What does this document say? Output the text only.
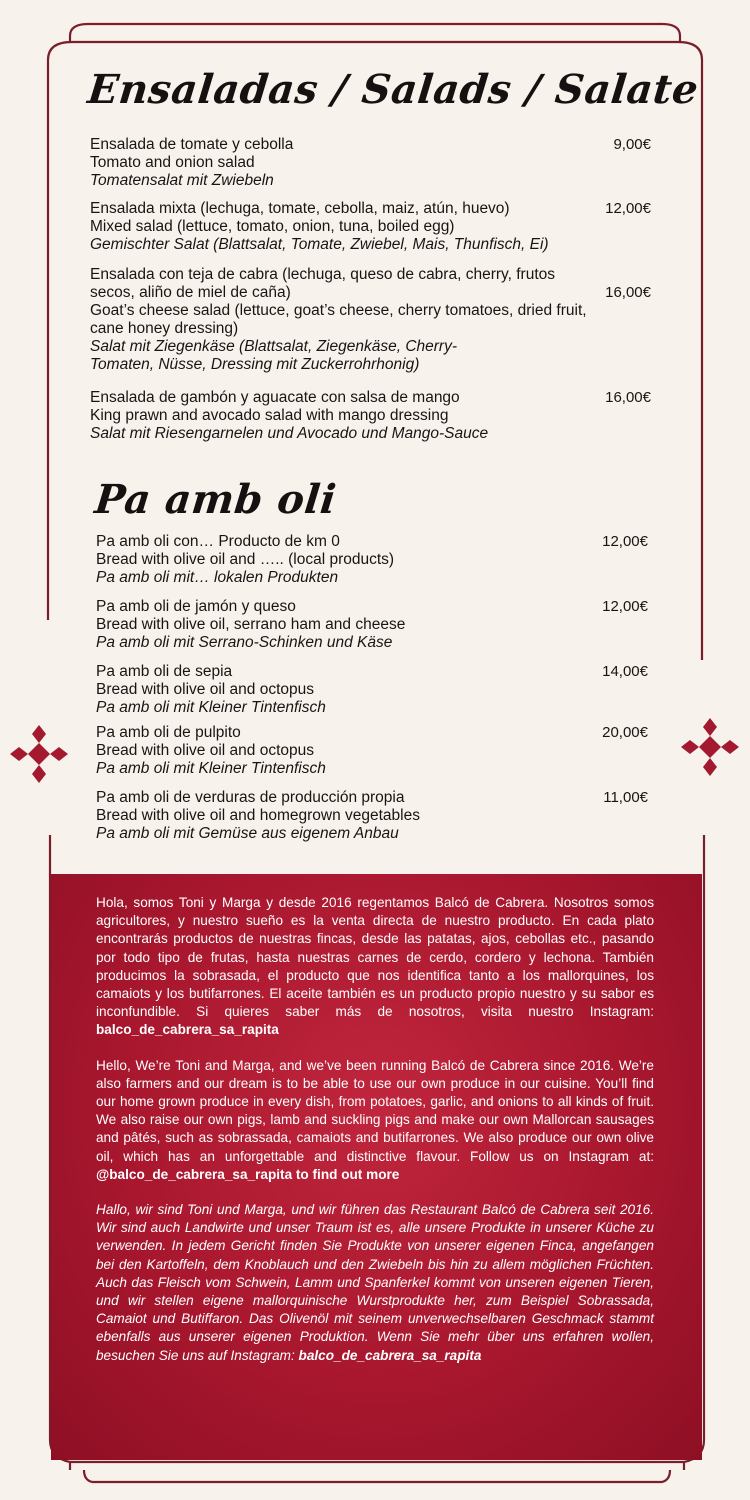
Ensaladas / Salads / Salate
Pa amb oli
Ensalada de tomate y cebolla
Tomato and onion salad
Tomatensalat mit Zwiebeln
9,00€
Ensalada mixta (lechuga, tomate, cebolla, maiz, atún, huevo)
Mixed salad (lettuce, tomato, onion, tuna, boiled egg)
Gemischter Salat (Blattsalat, Tomate, Zwiebel, Mais, Thunfisch, Ei)
12,00€
Ensalada con teja de cabra (lechuga, queso de cabra, cherry, frutos secos, aliño de miel de caña)
Goat’s cheese salad (lettuce, goat’s cheese, cherry tomatoes, dried fruit, cane honey dressing)
Salat mit Ziegenkäse (Blattsalat, Ziegenkäse, Cherry-Tomaten, Nüsse, Dressing mit Zuckerrohrhonig)
16,00€
Ensalada de gambón y aguacate con salsa de mango
King prawn and avocado salad with mango dressing
Salat mit Riesengarnelen und Avocado und Mango-Sauce
16,00€
Pa amb oli con… Producto de km 0
Bread with olive oil and ….. (local products)
Pa amb oli mit… lokalen Produkten
12,00€
Pa amb oli de jamón y queso
Bread with olive oil, serrano ham and cheese
Pa amb oli mit Serrano-Schinken und Käse
12,00€
Pa amb oli de sepia
Bread with olive oil and octopus
Pa amb oli mit Kleiner Tintenfisch
14,00€
Pa amb oli de pulpito
Bread with olive oil and octopus
Pa amb oli mit Kleiner Tintenfisch
20,00€
Pa amb oli de verduras de producción propia
Bread with olive oil and homegrown vegetables
Pa amb oli mit Gemüse aus eigenem Anbau
11,00€

Hola, somos Toni y Marga y desde 2016 regentamos Balcó de Cabrera. Nosotros somos agricultores, y nuestro sueño es la venta directa de nuestro producto. En cada plato encontrarás productos de nuestras fincas, desde las patatas, ajos, cebollas etc., pasando por todo tipo de frutas, hasta nuestras carnes de cerdo, cordero y lechona. También producimos la sobrasada, el producto que nos identifica tanto a los mallorquines, los camaiots y los butifarrones. El aceite también es un producto propio nuestro y su sabor es inconfundible. Si quieres saber más de nosotros, visita nuestro Instagram: balco_de_cabrera_sa_rapita

Hello, We’re Toni and Marga, and we’ve been running Balcó de Cabrera since 2016. We’re also farmers and our dream is to be able to use our own produce in our cuisine. You’ll find our home grown produce in every dish, from potatoes, garlic, and onions to all kinds of fruit. We also raise our own pigs, lamb and suckling pigs and make our own Mallorcan sausages and pâtés, such as sobrassada, camaiots and butifarrones. We also produce our own olive oil, which has an unforgettable and distinctive flavour. Follow us on Instagram at: @balco_de_cabrera_sa_rapita to find out more

Hallo, wir sind Toni und Marga, und wir führen das Restaurant Balcó de Cabrera seit 2016. Wir sind auch Landwirte und unser Traum ist es, alle unsere Produkte in unserer Küche zu verwenden. In jedem Gericht finden Sie Produkte von unserer eigenen Finca, angefangen bei den Kartoffeln, dem Knoblauch und den Zwiebeln bis hin zu allem möglichen Früchten. Auch das Fleisch vom Schwein, Lamm und Spanferkel kommt von unseren eigenen Tieren, und wir stellen eigene mallorquinische Wurstprodukte her, zum Beispiel Sobrassada, Camaiot und Butiffaron. Das Olivenöl mit seinem unverwechselbaren Geschmack stammt ebenfalls aus unserer eigenen Produktion. Wenn Sie mehr über uns erfahren wollen, besuchen Sie uns auf Instagram: balco_de_cabrera_sa_rapita
